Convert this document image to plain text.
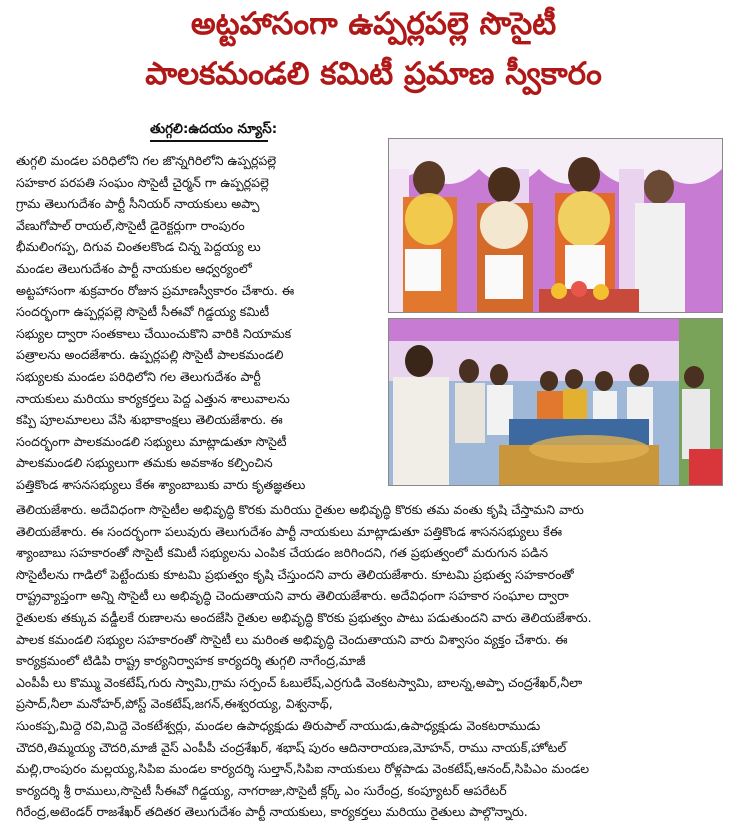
అట్టహాసంగా ఉప్పర్లపల్లె సొసైటీ
పాలకమండలి కమిటీ ప్రమాణ స్వీకారం
తుగ్గలి:ఉదయం న్యూస్:
తుగ్గలి మండల పరిధిలోని గల జొన్నగిరిలోని ఉప్పర్లపల్లె
సహకార పరపతి సంఘం సొసైటీ చైర్మన్ గా ఉప్పర్లపల్లె
గ్రామ తెలుగుదేశం పార్టీ సీనియర్ నాయకులు అప్పా
వేణుగోపాల్ రాయల్,సొసైటీ డైరెక్టర్లుగా రాంపురం
భీమలింగప్ప, దిగువ చింతలకొండ చిన్న పెద్దయ్య లు
మండల తెలుగుదేశం పార్టీ నాయకుల ఆధ్వర్యంలో
అట్టహాసంగా శుక్రవారం రోజున ప్రమాణస్వీకారం చేశారు. ఈ
సందర్భంగా ఉప్పర్లపల్లె సొసైటీ సీఈవో గిడ్డయ్య కమిటీ
సభ్యుల ద్వారా సంతకాలు చేయించుకొని వారికి నియామక
పత్రాలను అందజేశారు. ఉప్పర్లపల్లి సొసైటీ పాలకమండలి
సభ్యులకు మండల పరిధిలోని గల తెలుగుదేశం పార్టీ
నాయకులు మరియు కార్యకర్తలు పెద్ద ఎత్తున శాలువాలను
కప్పి పూలమాలలు వేసి శుభాకాంక్షలు తెలియజేశారు. ఈ
సందర్భంగా పాలకమండలి సభ్యులు మాట్లాడుతూ సొసైటీ
పాలకమండలి సభ్యులుగా తమకు అవకాశం కల్పించిన
పత్తికొండ శాసనసభ్యులు కేఈ శ్యాంబాబుకు వారు కృతజ్ఞతలు
తెలియజేశారు. అదేవిధంగా సొసైటీల అభివృద్ధి కొరకు మరియు రైతుల అభివృద్ధి కొరకు తమ వంతు కృషి చేస్తామని వారు
తెలియజేశారు. ఈ సందర్భంగా పలువురు తెలుగుదేశం పార్టీ నాయకులు మాట్లాడుతూ పత్తికొండ శాసనసభ్యులు కేఈ
శ్యాంబాబు సహకారంతో సొసైటీ కమిటీ సభ్యులను ఎంపిక చేయడం జరిగిందని, గత ప్రభుత్వంలో మరుగున పడిన
సొసైటీలను గాడిలో పెట్టేందుకు కూటమి ప్రభుత్వం కృషి చేస్తుందని వారు తెలియజేశారు. కూటమి ప్రభుత్వ సహకారంతో
రాష్ట్రవ్యాప్తంగా అన్ని సొసైటీ లు అభివృద్ధి చెందుతాయని వారు తెలియజేశారు. అదేవిధంగా సహకార సంఘాల ద్వారా
రైతులకు తక్కువ వడ్డీలకే రుణాలను అందజేసి రైతుల అభివృద్ధి కొరకు ప్రభుత్వం పాటు పడుతుందని వారు తెలియజేశారు.
పాలక కమండలి సభ్యుల సహకారంతో సొసైటీ లు మరింత అభివృద్ధి చెందుతాయని వారు విశ్వాసం వ్యక్తం చేశారు. ఈ
కార్యక్రమంలో టిడిపి రాష్ట్ర కార్యనిర్వాహక కార్యదర్శి తుగ్గలి నాగేంద్ర,మాజీ
ఎంపీపీ లు కొమ్ము వెంకటేష్,గురు స్వామి,గ్రామ సర్పంచ్ ఓబులేష్,ఎర్రగుడి వెంకటస్వామి, బాలన్న,అప్పా చంద్రశేఖర్,నీలా
ప్రసాద్,నీలా మనోహర్,పోస్ట్ వెంకటేష్,జగన్,ఈశ్వరయ్య, విశ్వనాథ్,
సుంకప్ప,మిద్దె రవి,మిద్దె వెంకటేశ్వర్లు, మండల ఉపాధ్యక్షుడు తిరుపాల్ నాయుడు,ఉపాధ్యక్షుడు వెంకటరాముడు
చౌదరి,తిమ్మయ్య చౌదరి,మాజీ వైస్ ఎంపీపీ చంద్రశేఖర్, శభాష్ పురం ఆదినారాయణ,మోహన్, రాము నాయక్,హోటల్
మల్లి,రాంపురం మల్లయ్య,సిపిఐ మండల కార్యదర్శి సుల్తాన్,సిపిఐ నాయకులు రోళ్లపాడు వెంకటేష్,ఆనంద్,సిపిఎం మండల
కార్యదర్శి శ్రీ రాములు,సొసైటీ సీఈవో గిడ్డయ్య, నాగరాజు,సొసైటీ క్లర్క్ ఎం సురేంద్ర, కంప్యూటర్ ఆపరేటర్
గిరేంద్ర,అటెండర్ రాజశేఖర్ తదితర తెలుగుదేశం పార్టీ నాయకులు, కార్యకర్తలు మరియు రైతులు పాల్గొన్నారు.
